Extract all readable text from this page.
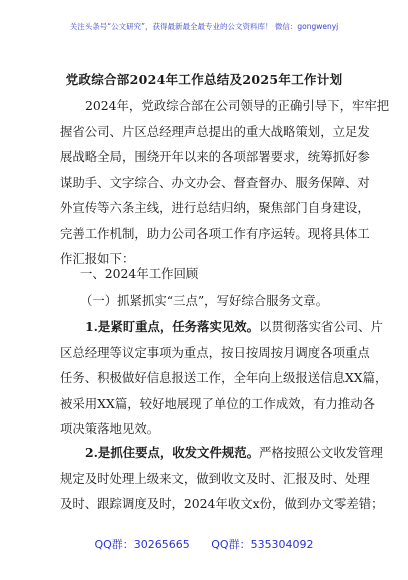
关注头条号“公文研究”，获得最新最全最专业的公文资料库！ 微信：gongwenyj
党政综合部2024年工作总结及2025年工作计划
2024年，党政综合部在公司领导的正确引导下，牢牢把
握省公司、片区总经理声总提出的重大战略策划，立足发
展战略全局，围绕开年以来的各项部署要求，统筹抓好参
谋助手、文字综合、办文办会、督查督办、服务保障、对
外宣传等六条主线，进行总结归纳，聚焦部门自身建设，
完善工作机制，助力公司各项工作有序运转。现将具体工
作汇报如下：
一、2024年工作回顾
（一）抓紧抓实“三点”，写好综合服务文章。
1.是紧盯重点，任务落实见效。以贯彻落实省公司、片
区总经理等议定事项为重点，按日按周按月调度各项重点
任务、积极做好信息报送工作，全年向上级报送信息XX篇，
被采用XX篇，较好地展现了单位的工作成效，有力推动各
项决策落地见效。
2.是抓住要点，收发文件规范。严格按照公文收发管理
规定及时处理上级来文，做到收文及时、汇报及时、处理
及时、跟踪调度及时，2024年收文x份，做到办文零差错；
QQ群：30265665 QQ群：535304092
